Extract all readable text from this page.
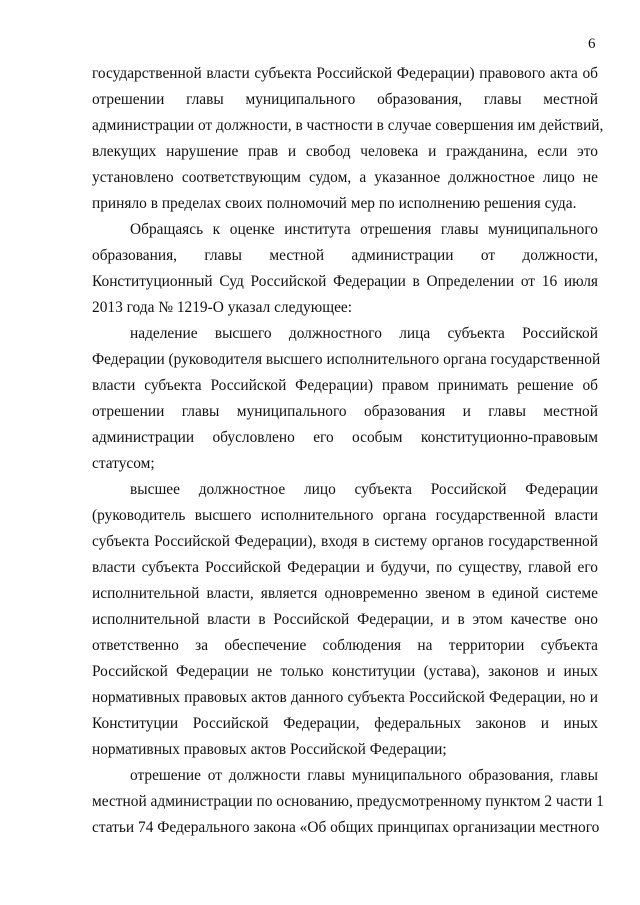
6
государственной власти субъекта Российской Федерации) правового акта об
отрешении главы муниципального образования, главы местной
администрации от должности, в частности в случае совершения им действий,
влекущих нарушение прав и свобод человека и гражданина, если это
установлено соответствующим судом, а указанное должностное лицо не
приняло в пределах своих полномочий мер по исполнению решения суда.
Обращаясь к оценке института отрешения главы муниципального
образования, главы местной администрации от должности,
Конституционный Суд Российской Федерации в Определении от 16 июля
2013 года № 1219-О указал следующее:
наделение высшего должностного лица субъекта Российской
Федерации (руководителя высшего исполнительного органа государственной
власти субъекта Российской Федерации) правом принимать решение об
отрешении главы муниципального образования и главы местной
администрации обусловлено его особым конституционно-правовым
статусом;
высшее должностное лицо субъекта Российской Федерации
(руководитель высшего исполнительного органа государственной власти
субъекта Российской Федерации), входя в систему органов государственной
власти субъекта Российской Федерации и будучи, по существу, главой его
исполнительной власти, является одновременно звеном в единой системе
исполнительной власти в Российской Федерации, и в этом качестве оно
ответственно за обеспечение соблюдения на территории субъекта
Российской Федерации не только конституции (устава), законов и иных
нормативных правовых актов данного субъекта Российской Федерации, но и
Конституции Российской Федерации, федеральных законов и иных
нормативных правовых актов Российской Федерации;
отрешение от должности главы муниципального образования, главы
местной администрации по основанию, предусмотренному пунктом 2 части 1
статьи 74 Федерального закона «Об общих принципах организации местного
